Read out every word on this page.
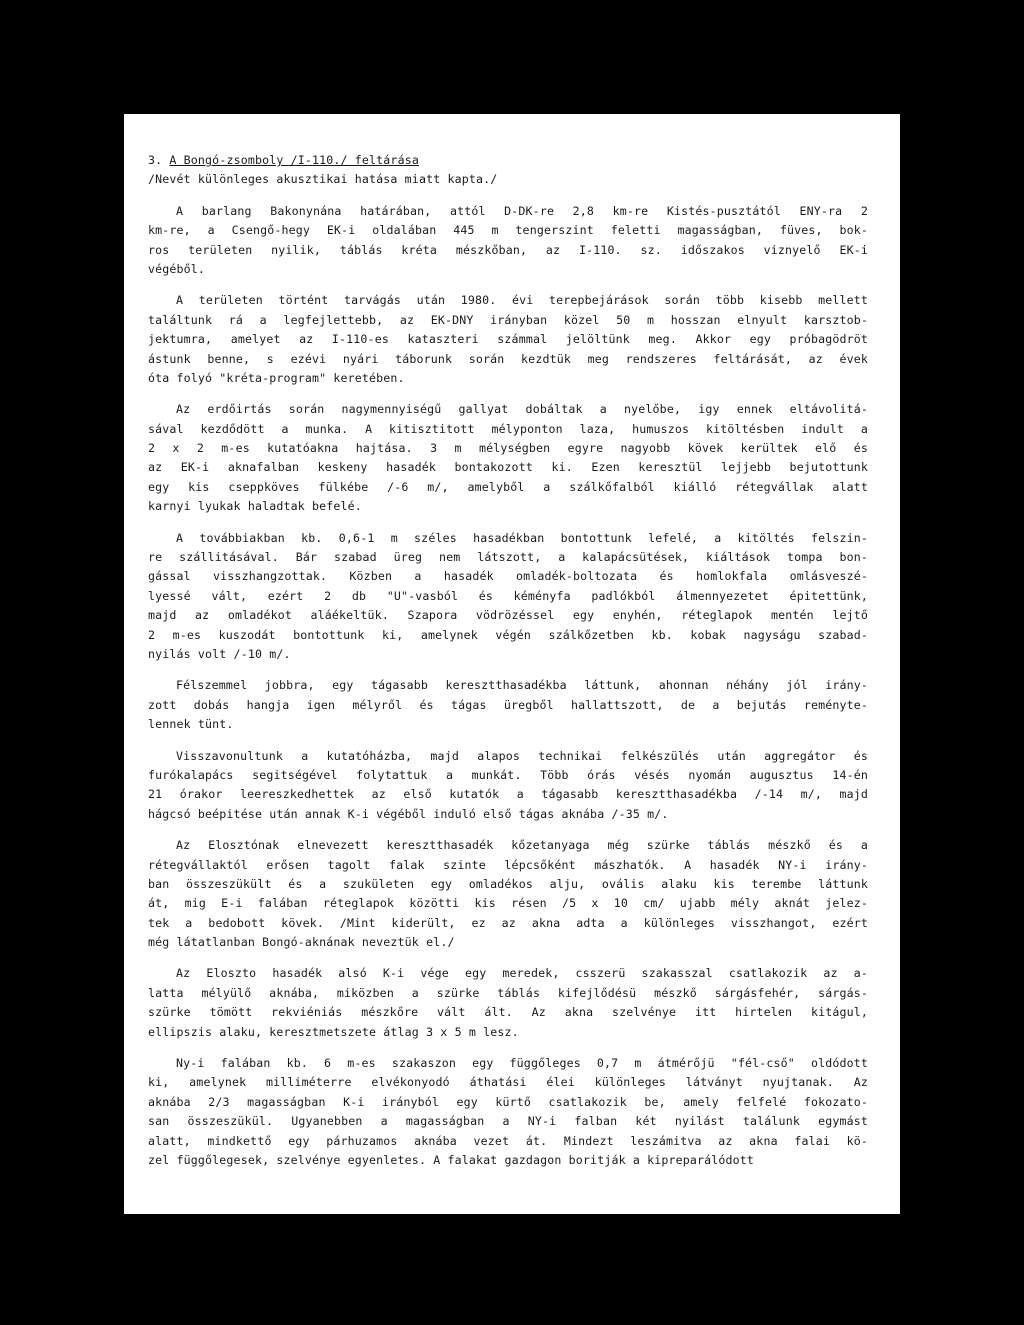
3. A Bongó-zsomboly /I-110./ feltárása
/Nevét különleges akusztikai hatása miatt kapta./
A barlang Bakonynána határában, attól D-DK-re 2,8 km-re Kistés-pusztától ENY-ra 2
km-re, a Csengő-hegy EK-i oldalában 445 m tengerszint feletti magasságban, füves, bok-
ros területen nyilik, táblás kréta mészkőban, az I-110. sz. időszakos viznyelő EK-i
végéből.
A területen történt tarvágás után 1980. évi terepbejárások során több kisebb mellett
találtunk rá a legfejlettebb, az EK-DNY irányban közel 50 m hosszan elnyult karsztob-
jektumra, amelyet az I-110-es kataszteri számmal jelöltünk meg. Akkor egy próbagödröt
ástunk benne, s ezévi nyári táborunk során kezdtük meg rendszeres feltárását, az évek
óta folyó "kréta-program" keretében.
Az erdőirtás során nagymennyiségű gallyat dobáltak a nyelőbe, igy ennek eltávolitá-
sával kezdődött a munka. A kitisztitott mélyponton laza, humuszos kitöltésben indult a
2 x 2 m-es kutatóakna hajtása. 3 m mélységben egyre nagyobb kövek kerültek elő és
az EK-i aknafalban keskeny hasadék bontakozott ki. Ezen keresztül lejjebb bejutottunk
egy kis cseppköves fülkébe /-6 m/, amelyből a szálkőfalból kiálló rétegvállak alatt
karnyi lyukak haladtak befelé.
A továbbiakban kb. 0,6-1 m széles hasadékban bontottunk lefelé, a kitöltés felszin-
re szállitásával. Bár szabad üreg nem látszott, a kalapácsütések, kiáltások tompa bon-
gással visszhangzottak. Közben a hasadék omladék-boltozata és homlokfala omlásveszé-
lyessé vált, ezért 2 db "U"-vasból és kéményfa padlókból álmennyezetet épitettünk,
majd az omladékot aláékeltük. Szapora vödrözéssel egy enyhén, réteglapok mentén lejtő
2 m-es kuszodát bontottunk ki, amelynek végén szálkőzetben kb. kobak nagyságu szabad-
nyilás volt /-10 m/.
Félszemmel jobbra, egy tágasabb keresztthasadékba láttunk, ahonnan néhány jól irány-
zott dobás hangja igen mélyről és tágas üregből hallattszott, de a bejutás reményte-
lennek tünt.
Visszavonultunk a kutatóházba, majd alapos technikai felkészülés után aggregátor és
furókalapács segitségével folytattuk a munkát. Több órás vésés nyomán augusztus 14-én
21 órakor leereszkedhettek az első kutatók a tágasabb keresztthasadékba /-14 m/, majd
hágcsó beépitése után annak K-i végéből induló első tágas aknába /-35 m/.
Az Elosztónak elnevezett keresztthasadék kőzetanyaga még szürke táblás mészkő és a
rétegvállaktól erősen tagolt falak szinte lépcsőként mászhatók. A hasadék NY-i irány-
ban összeszükült és a szukületen egy omladékos alju, ovális alaku kis terembe láttunk
át, mig E-i falában réteglapok közötti kis résen /5 x 10 cm/ ujabb mély aknát jelez-
tek a bedobott kövek. /Mint kiderült, ez az akna adta a különleges visszhangot, ezért
még látatlanban Bongó-aknának neveztük el./
Az Eloszto hasadék alsó K-i vége egy meredek, csszerü szakasszal csatlakozik az a-
latta mélyülő aknába, miközben a szürke táblás kifejlődésü mészkő sárgásfehér, sárgás-
szürke tömött rekviéniás mészkőre vált ált. Az akna szelvénye itt hirtelen kitágul,
ellipszis alaku, keresztmetszete átlag 3 x 5 m lesz.
Ny-i falában kb. 6 m-es szakaszon egy függőleges 0,7 m átmérőjü "fél-cső" oldódott
ki, amelynek milliméterre elvékonyodó áthatási élei különleges látványt nyujtanak. Az
aknába 2/3 magasságban K-i irányból egy kürtő csatlakozik be, amely felfelé fokozato-
san összeszükül. Ugyanebben a magasságban a NY-i falban két nyilást találunk egymást
alatt, mindkettő egy párhuzamos aknába vezet át. Mindezt leszámitva az akna falai kö-
zel függőlegesek, szelvénye egyenletes. A falakat gazdagon boritják a kipreparálódott
